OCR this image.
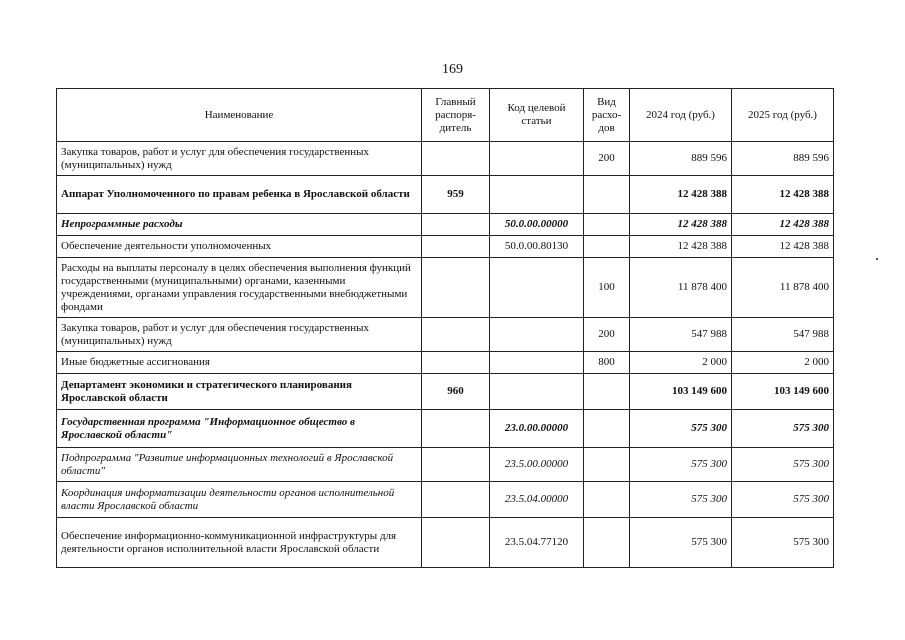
169
Наименование	Главный распоря-дитель	Код целевой статьи	Вид расхо-дов	2024 год (руб.)	2025 год (руб.)
Закупка товаров, работ и услуг для обеспечения государственных (муниципальных) нужд			200	889 596	889 596
Аппарат Уполномоченного по правам ребенка в Ярославской области	959			12 428 388	12 428 388
Непрограммные расходы		50.0.00.00000		12 428 388	12 428 388
Обеспечение деятельности уполномоченных		50.0.00.80130		12 428 388	12 428 388
Расходы на выплаты персоналу в целях обеспечения выполнения функций государственными (муниципальными) органами, казенными учреждениями, органами управления государственными внебюджетными фондами			100	11 878 400	11 878 400
Закупка товаров, работ и услуг для обеспечения государственных (муниципальных) нужд			200	547 988	547 988
Иные бюджетные ассигнования			800	2 000	2 000
Департамент экономики и стратегического планирования Ярославской области	960			103 149 600	103 149 600
Государственная программа "Информационное общество в Ярославской области"		23.0.00.00000		575 300	575 300
Подпрограмма "Развитие информационных технологий в Ярославской области"		23.5.00.00000		575 300	575 300
Координация информатизации деятельности органов исполнительной власти Ярославской области		23.5.04.00000		575 300	575 300
Обеспечение информационно-коммуникационной инфраструктуры для деятельности органов исполнительной власти Ярославской области		23.5.04.77120		575 300	575 300
